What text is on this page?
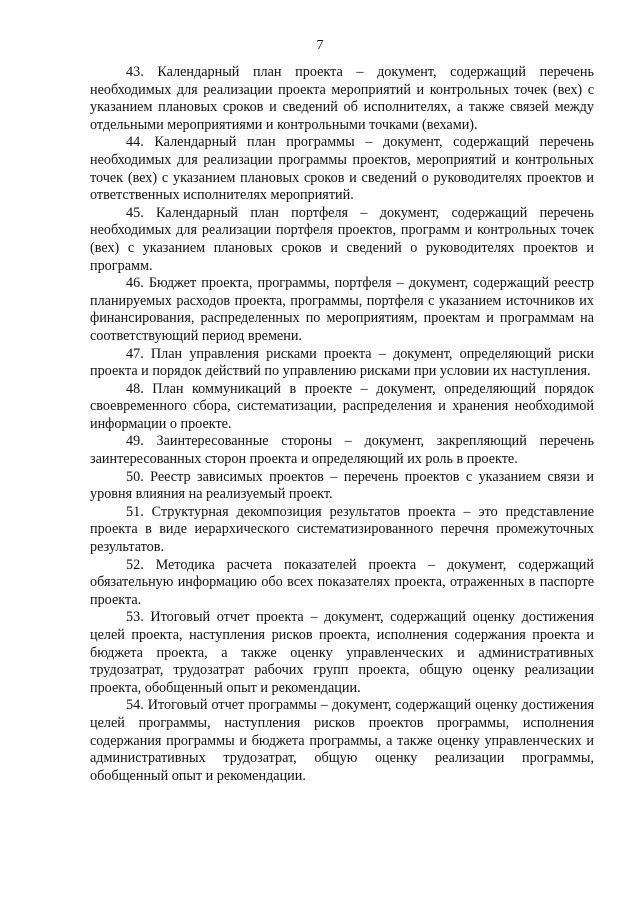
7

43. Календарный план проекта – документ, содержащий перечень необходимых для реализации проекта мероприятий и контрольных точек (вех) с указанием плановых сроков и сведений об исполнителях, а также связей между отдельными мероприятиями и контрольными точками (вехами).

44. Календарный план программы – документ, содержащий перечень необходимых для реализации программы проектов, мероприятий и контрольных точек (вех) с указанием плановых сроков и сведений о руководителях проектов и ответственных исполнителях мероприятий.

45. Календарный план портфеля – документ, содержащий перечень необходимых для реализации портфеля проектов, программ и контрольных точек (вех) с указанием плановых сроков и сведений о руководителях проектов и программ.

46. Бюджет проекта, программы, портфеля – документ, содержащий реестр планируемых расходов проекта, программы, портфеля с указанием источников их финансирования, распределенных по мероприятиям, проектам и программам на соответствующий период времени.

47. План управления рисками проекта – документ, определяющий риски проекта и порядок действий по управлению рисками при условии их наступления.

48. План коммуникаций в проекте – документ, определяющий порядок своевременного сбора, систематизации, распределения и хранения необходимой информации о проекте.

49. Заинтересованные стороны – документ, закрепляющий перечень заинтересованных сторон проекта и определяющий их роль в проекте.

50. Реестр зависимых проектов – перечень проектов с указанием связи и уровня влияния на реализуемый проект.

51. Структурная декомпозиция результатов проекта – это представление проекта в виде иерархического систематизированного перечня промежуточных результатов.

52. Методика расчета показателей проекта – документ, содержащий обязательную информацию обо всех показателях проекта, отраженных в паспорте проекта.

53. Итоговый отчет проекта – документ, содержащий оценку достижения целей проекта, наступления рисков проекта, исполнения содержания проекта и бюджета проекта, а также оценку управленческих и административных трудозатрат, трудозатрат рабочих групп проекта, общую оценку реализации проекта, обобщенный опыт и рекомендации.

54. Итоговый отчет программы – документ, содержащий оценку достижения целей программы, наступления рисков проектов программы, исполнения содержания программы и бюджета программы, а также оценку управленческих и административных трудозатрат, общую оценку реализации программы, обобщенный опыт и рекомендации.
